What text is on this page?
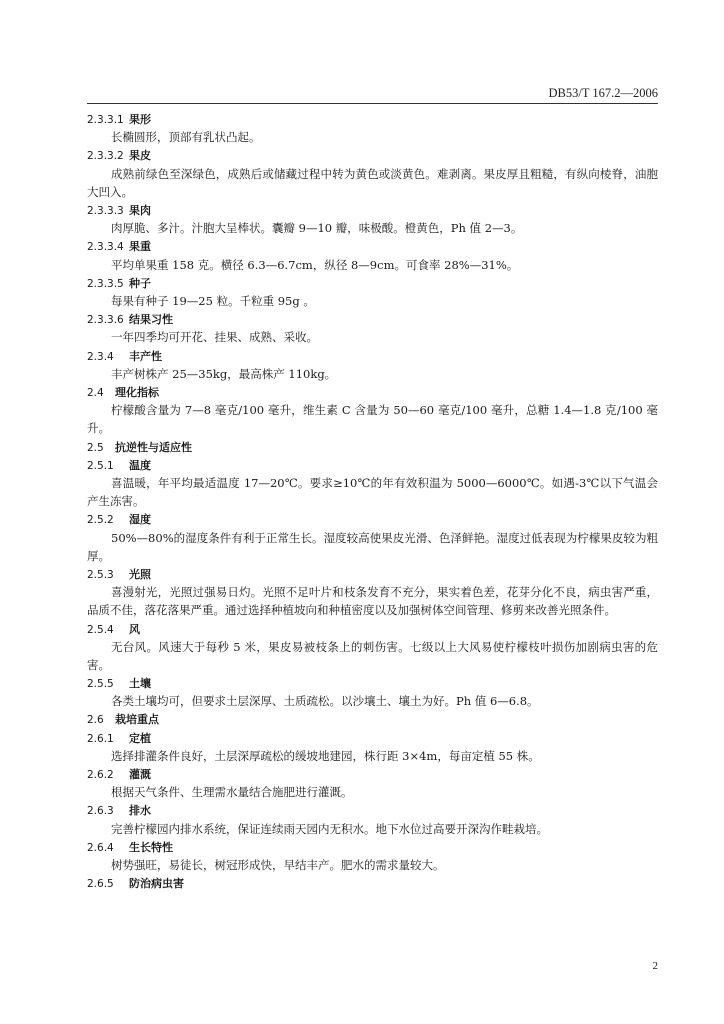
DB53/T 167.2—2006
2.3.3.1 果形

长椭圆形，顶部有乳状凸起。

2.3.3.2 果皮

成熟前绿色至深绿色，成熟后或储藏过程中转为黄色或淡黄色。难剥离。果皮厚且粗糙，有纵向棱脊，油胞大凹入。

2.3.3.3 果肉

肉厚脆、多汁。汁胞大呈棒状。囊瓣 9—10 瓣，味极酸。橙黄色，Ph 值 2—3。

2.3.3.4 果重

平均单果重 158 克。横径 6.3—6.7cm，纵径 8—9cm。可食率 28%—31%。

2.3.3.5 种子

每果有种子 19—25 粒。千粒重 95g 。

2.3.3.6 结果习性

一年四季均可开花、挂果、成熟、采收。

2.3.4 丰产性

丰产树株产 25—35kg，最高株产 110kg。

2.4 理化指标

柠檬酸含量为 7—8 毫克/100 毫升，维生素 C 含量为 50—60 毫克/100 毫升，总糖 1.4—1.8 克/100 毫升。

2.5 抗逆性与适应性
2.5.1 温度

喜温暖，年平均最适温度 17—20℃。要求≥10℃的年有效积温为 5000—6000℃。如遇-3℃以下气温会产生冻害。

2.5.2 湿度

50%—80%的湿度条件有利于正常生长。湿度较高使果皮光滑、色泽鲜艳。湿度过低表现为柠檬果皮较为粗厚。

2.5.3 光照

喜漫射光，光照过强易日灼。光照不足叶片和枝条发育不充分，果实着色差，花芽分化不良，病虫害严重，品质不佳，落花落果严重。通过选择种植坡向和种植密度以及加强树体空间管理、修剪来改善光照条件。

2.5.4 风

无台风。风速大于每秒 5 米，果皮易被枝条上的刺伤害。七级以上大风易使柠檬枝叶损伤加剧病虫害的危害。

2.5.5 土壤

各类土壤均可，但要求土层深厚、土质疏松。以沙壤土、壤土为好。Ph 值 6—6.8。

2.6 栽培重点
2.6.1 定植

选择排灌条件良好，土层深厚疏松的缓坡地建园，株行距 3×4m，每亩定植 55 株。

2.6.2 灌溉

根据天气条件、生理需水量结合施肥进行灌溉。

2.6.3 排水

完善柠檬园内排水系统，保证连续雨天园内无积水。地下水位过高要开深沟作畦栽培。

2.6.4 生长特性

树势强旺，易徒长，树冠形成快，早结丰产。肥水的需求量较大。

2.6.5 防治病虫害
2
